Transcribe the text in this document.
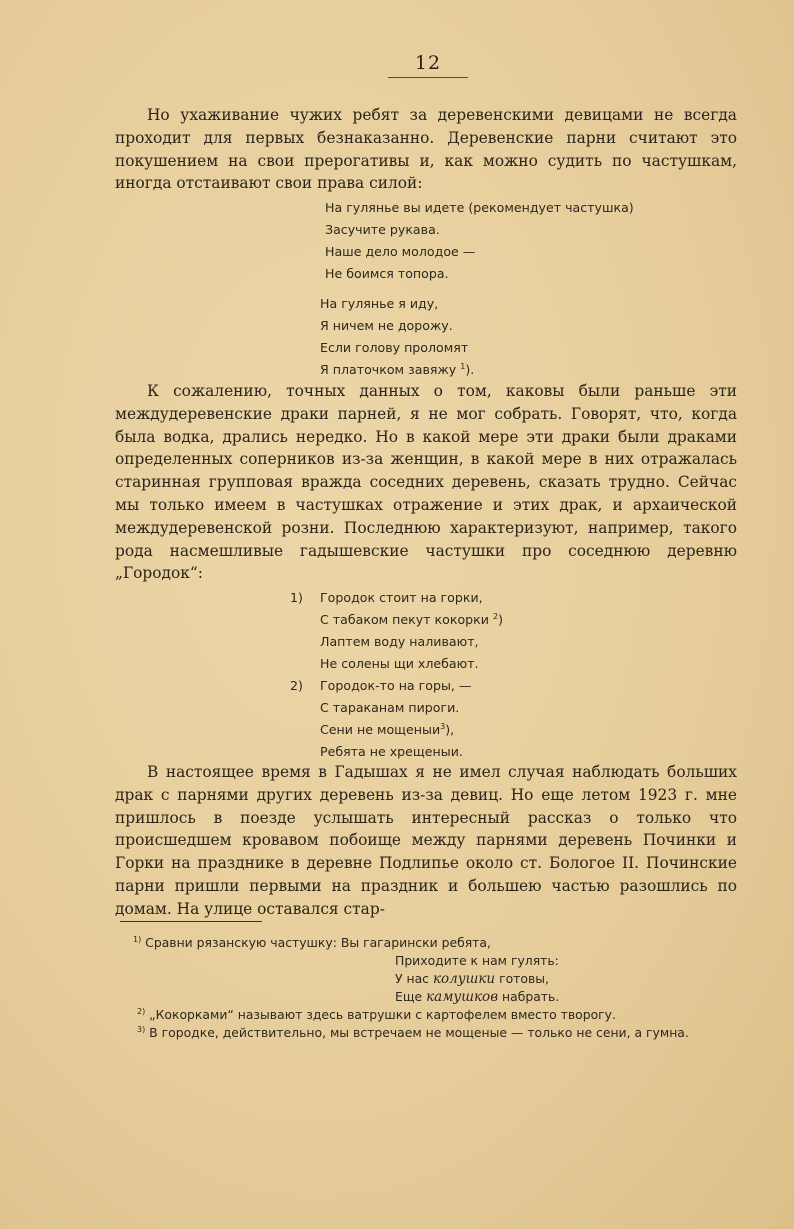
12

Но ухаживание чужих ребят за деревенскими девицами не всегда проходит для первых безнаказанно. Деревенские парни считают это покушением на свои прерогативы и, как можно судить по частушкам, иногда отстаивают свои права силой:

На гулянье вы идете (рекомендует частушка)
Засучите рукава.
Наше дело молодое —
Не боимся топора.
На гулянье я иду,
Я ничем не дорожу.
Если голову проломят
Я платочком завяжу $^1$).

К сожалению, точных данных о том, каковы были раньше эти междудеревенские драки парней, я не мог собрать. Говорят, что, когда была водка, дрались нередко. Но в какой мере эти драки были драками определенных соперников из-за женщин, в какой мере в них отражалась старинная групповая вражда соседних деревень, сказать трудно. Сейчас мы только имеем в частушках отражение и этих драк, и архаической междудеревенской розни. Последнюю характеризуют, например, такого рода насмешливые гадышевские частушки про соседнюю деревню „Городок“:

1) Городок стоит на горки,
С табаком пекут кокорки $^2$)
Лаптем воду наливают,
Не солены щи хлебают.
2) Городок-то на горы, —
С тараканам пироги.
Сени не мощеныи$^3$),
Ребята не хрещеныи.

В настоящее время в Гадышах я не имел случая наблюдать больших драк с парнями других деревень из-за девиц. Но еще летом 1923 г. мне пришлось в поезде услышать интересный рассказ о только что происшедшем кровавом побоище между парнями деревень Починки и Горки на празднике в деревне Подлипье около ст. Бологое II. Починские парни пришли первыми на праздник и большею частью разошлись по домам. На улице оставался стар-

$^{1)}$ Сравни рязанскую частушку: Вы гагарински ребята,
Приходите к нам гулять:
У нас колушки готовы,
Еще камушков набрать.
$^{2)}$ „Кокорками“ называют здесь ватрушки с картофелем вместо творогу.
$^{3)}$ В городке, действительно, мы встречаем не мощеные — только не сени, а гумна.
